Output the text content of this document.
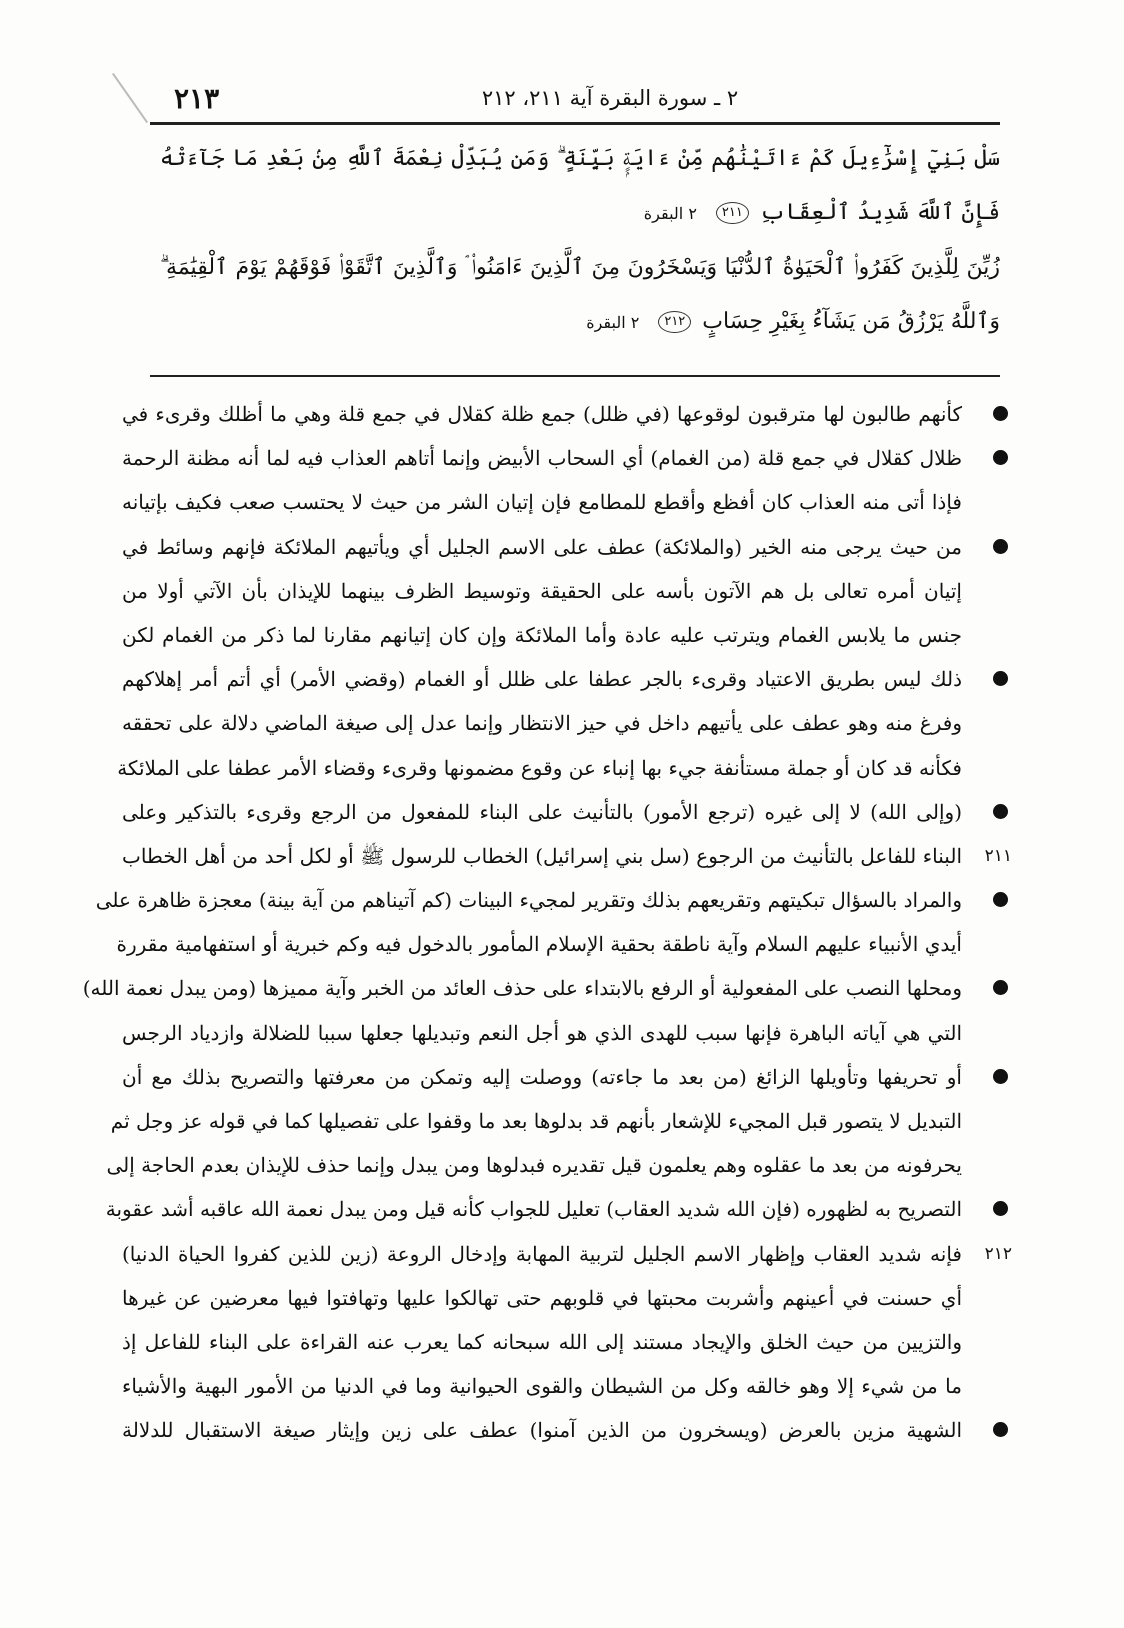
٢١٣	٢ ـ سورة البقرة آية ٢١١، ٢١٢
سَلْ بَنِيٓ إِسْرَٰٓءِيلَ كَمْ ءَاتَيْنَٰهُم مِّنْ ءَايَةٍۭ بَيِّنَةٍ ۗ وَمَن يُبَدِّلْ نِعْمَةَ ٱللَّهِ مِنۢ بَعْدِ مَا جَآءَتْهُ فَإِنَّ ٱللَّهَ شَدِيدُ ٱلْعِقَابِ ٢١١ ٢ البقرة
زُيِّنَ لِلَّذِينَ كَفَرُوا۟ ٱلْحَيَوٰةُ ٱلدُّنْيَا وَيَسْخَرُونَ مِنَ ٱلَّذِينَ ءَامَنُوا۟ ۘ وَٱلَّذِينَ ٱتَّقَوْا۟ فَوْقَهُمْ يَوْمَ ٱلْقِيَٰمَةِ ۗ وَٱللَّهُ يَرْزُقُ مَن يَشَآءُ بِغَيْرِ حِسَابٍ ٢١٢ ٢ البقرة
كأنهم طالبون لها مترقبون لوقوعها (في ظلل) جمع ظلة كقلال في جمع قلة وهي ما أظلك وقرىء في
ظلال كقلال في جمع قلة (من الغمام) أي السحاب الأبيض وإنما أتاهم العذاب فيه لما أنه مظنة الرحمة
فإذا أتى منه العذاب كان أفظع وأقطع للمطامع فإن إتيان الشر من حيث لا يحتسب صعب فكيف بإتيانه
من حيث يرجى منه الخير (والملائكة) عطف على الاسم الجليل أي ويأتيهم الملائكة فإنهم وسائط في
إتيان أمره تعالى بل هم الآتون بأسه على الحقيقة وتوسيط الظرف بينهما للإيذان بأن الآتي أولا من
جنس ما يلابس الغمام ويترتب عليه عادة وأما الملائكة وإن كان إتيانهم مقارنا لما ذكر من الغمام لكن
ذلك ليس بطريق الاعتياد وقرىء بالجر عطفا على ظلل أو الغمام (وقضي الأمر) أي أتم أمر إهلاكهم
وفرغ منه وهو عطف على يأتيهم داخل في حيز الانتظار وإنما عدل إلى صيغة الماضي دلالة على تحققه
فكأنه قد كان أو جملة مستأنفة جيء بها إنباء عن وقوع مضمونها وقرىء وقضاء الأمر عطفا على الملائكة
(وإلى الله) لا إلى غيره (ترجع الأمور) بالتأنيث على البناء للمفعول من الرجع وقرىء بالتذكير وعلى
٢١١
البناء للفاعل بالتأنيث من الرجوع (سل بني إسرائيل) الخطاب للرسول ﷺ أو لكل أحد من أهل الخطاب
والمراد بالسؤال تبكيتهم وتقريعهم بذلك وتقرير لمجيء البينات (كم آتيناهم من آية بينة) معجزة ظاهرة على
أيدي الأنبياء عليهم السلام وآية ناطقة بحقية الإسلام المأمور بالدخول فيه وكم خبرية أو استفهامية مقررة
ومحلها النصب على المفعولية أو الرفع بالابتداء على حذف العائد من الخبر وآية مميزها (ومن يبدل نعمة الله)
التي هي آياته الباهرة فإنها سبب للهدى الذي هو أجل النعم وتبديلها جعلها سببا للضلالة وازدياد الرجس
أو تحريفها وتأويلها الزائغ (من بعد ما جاءته) ووصلت إليه وتمكن من معرفتها والتصريح بذلك مع أن
التبديل لا يتصور قبل المجيء للإشعار بأنهم قد بدلوها بعد ما وقفوا على تفصيلها كما في قوله عز وجل ثم
يحرفونه من بعد ما عقلوه وهم يعلمون قيل تقديره فبدلوها ومن يبدل وإنما حذف للإيذان بعدم الحاجة إلى
التصريح به لظهوره (فإن الله شديد العقاب) تعليل للجواب كأنه قيل ومن يبدل نعمة الله عاقبه أشد عقوبة
٢١٢
فإنه شديد العقاب وإظهار الاسم الجليل لتربية المهابة وإدخال الروعة (زين للذين كفروا الحياة الدنيا)
أي حسنت في أعينهم وأشربت محبتها في قلوبهم حتى تهالكوا عليها وتهافتوا فيها معرضين عن غيرها
والتزيين من حيث الخلق والإيجاد مستند إلى الله سبحانه كما يعرب عنه القراءة على البناء للفاعل إذ
ما من شيء إلا وهو خالقه وكل من الشيطان والقوى الحيوانية وما في الدنيا من الأمور البهية والأشياء
الشهية مزين بالعرض (ويسخرون من الذين آمنوا) عطف على زين وإيثار صيغة الاستقبال للدلالة
